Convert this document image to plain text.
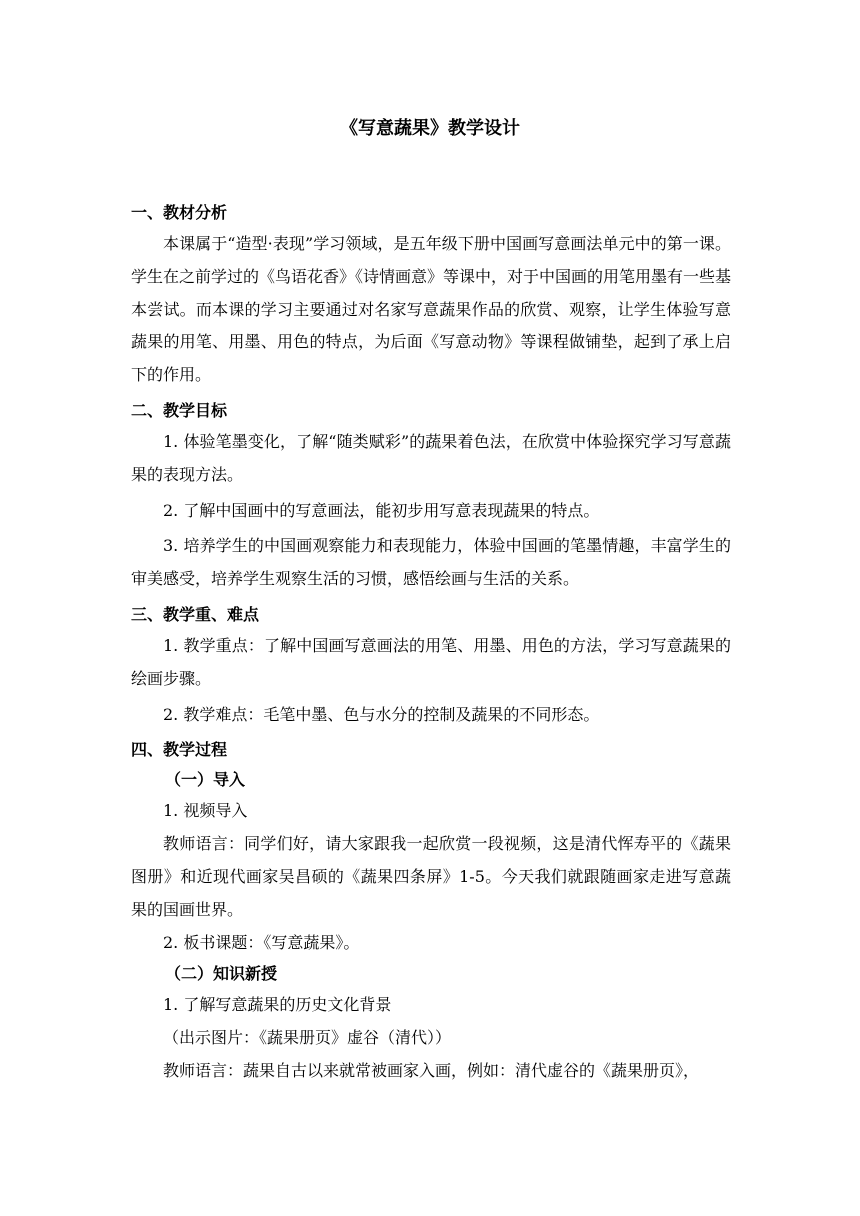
《写意蔬果》教学设计
一、教材分析

本课属于“造型·表现”学习领域，是五年级下册中国画写意画法单元中的第一课。学生在之前学过的《鸟语花香》《诗情画意》等课中，对于中国画的用笔用墨有一些基本尝试。而本课的学习主要通过对名家写意蔬果作品的欣赏、观察，让学生体验写意蔬果的用笔、用墨、用色的特点，为后面《写意动物》等课程做铺垫，起到了承上启下的作用。

二、教学目标

1. 体验笔墨变化，了解“随类赋彩”的蔬果着色法，在欣赏中体验探究学习写意蔬果的表现方法。

2. 了解中国画中的写意画法，能初步用写意表现蔬果的特点。

3. 培养学生的中国画观察能力和表现能力，体验中国画的笔墨情趣，丰富学生的审美感受，培养学生观察生活的习惯，感悟绘画与生活的关系。

三、教学重、难点

1. 教学重点：了解中国画写意画法的用笔、用墨、用色的方法，学习写意蔬果的绘画步骤。

2. 教学难点：毛笔中墨、色与水分的控制及蔬果的不同形态。

四、教学过程
（一）导入

1. 视频导入

教师语言：同学们好，请大家跟我一起欣赏一段视频，这是清代恽寿平的《蔬果图册》和近现代画家吴昌硕的《蔬果四条屏》1-5。今天我们就跟随画家走进写意蔬果的国画世界。

2. 板书课题：《写意蔬果》。

（二）知识新授

1. 了解写意蔬果的历史文化背景

（出示图片：《蔬果册页》虚谷（清代））

教师语言：蔬果自古以来就常被画家入画，例如：清代虚谷的《蔬果册页》，
